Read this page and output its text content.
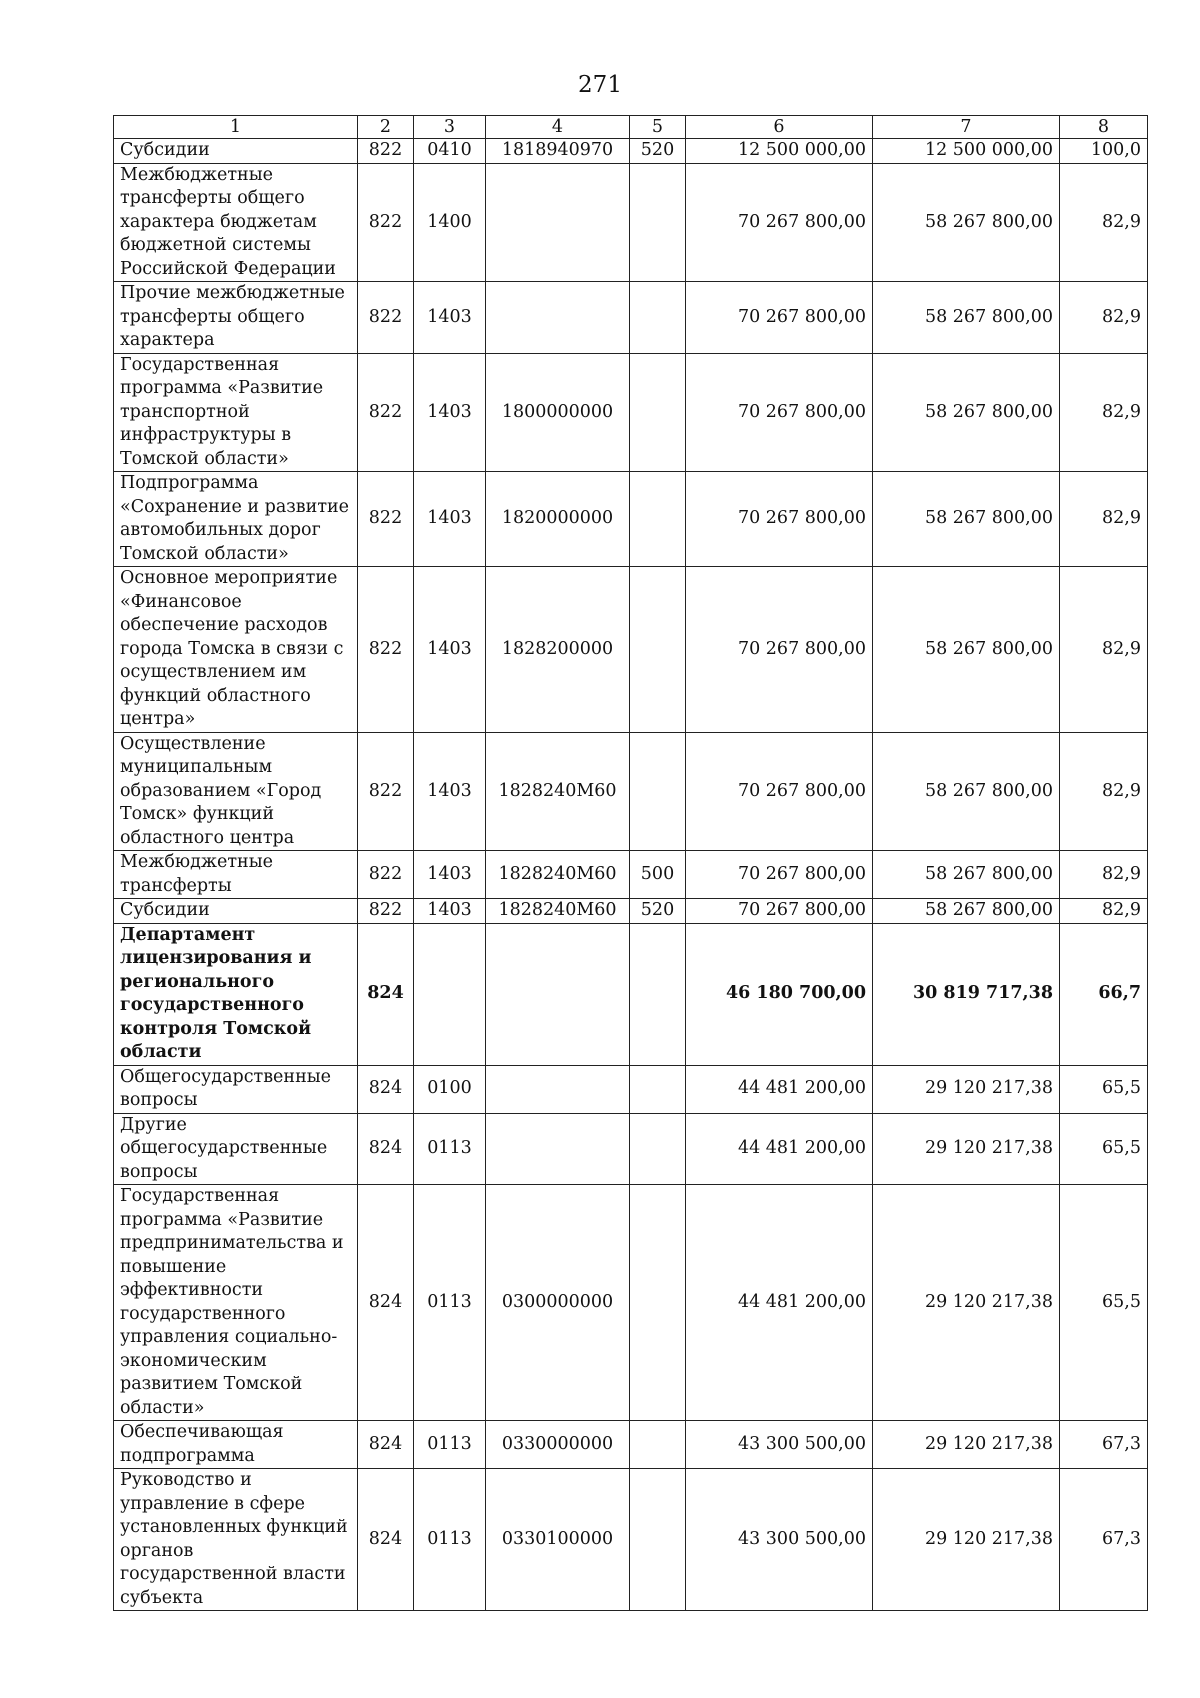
271
1	2	3	4	5	6	7	8
Субсидии	822	0410	1818940970	520	12 500 000,00	12 500 000,00	100,0
Межбюджетные трансферты общего характера бюджетам бюджетной системы Российской Федерации	822	1400			70 267 800,00	58 267 800,00	82,9
Прочие межбюджетные трансферты общего характера	822	1403			70 267 800,00	58 267 800,00	82,9
Государственная программа «Развитие транспортной инфраструктуры в Томской области»	822	1403	1800000000		70 267 800,00	58 267 800,00	82,9
Подпрограмма «Сохранение и развитие автомобильных дорог Томской области»	822	1403	1820000000		70 267 800,00	58 267 800,00	82,9
Основное мероприятие «Финансовое обеспечение расходов города Томска в связи с осуществлением им функций областного центра»	822	1403	1828200000		70 267 800,00	58 267 800,00	82,9
Осуществление муниципальным образованием «Город Томск» функций областного центра	822	1403	1828240М60		70 267 800,00	58 267 800,00	82,9
Межбюджетные трансферты	822	1403	1828240М60	500	70 267 800,00	58 267 800,00	82,9
Субсидии	822	1403	1828240М60	520	70 267 800,00	58 267 800,00	82,9
Департамент лицензирования и регионального государственного контроля Томской области	824				46 180 700,00	30 819 717,38	66,7
Общегосударственные вопросы	824	0100			44 481 200,00	29 120 217,38	65,5
Другие общегосударственные вопросы	824	0113			44 481 200,00	29 120 217,38	65,5
Государственная программа «Развитие предпринимательства и повышение эффективности государственного управления социально-экономическим развитием Томской области»	824	0113	0300000000		44 481 200,00	29 120 217,38	65,5
Обеспечивающая подпрограмма	824	0113	0330000000		43 300 500,00	29 120 217,38	67,3
Руководство и управление в сфере установленных функций органов государственной власти субъекта	824	0113	0330100000		43 300 500,00	29 120 217,38	67,3
